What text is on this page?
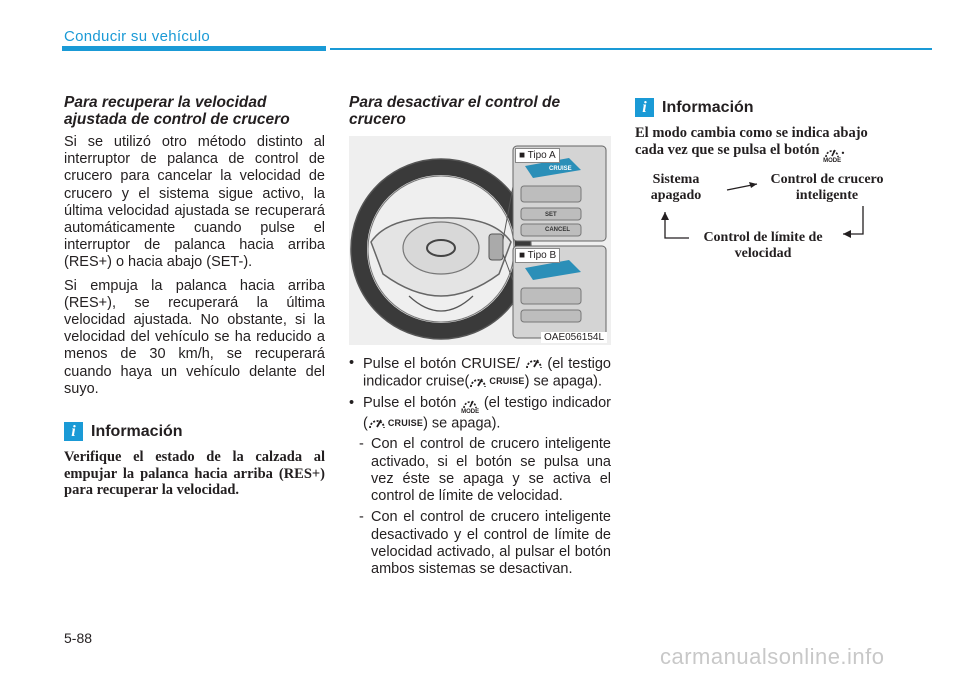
Conducir su vehículo
Para recuperar la velocidad ajustada de control de crucero

Si se utilizó otro método distinto al interruptor de palanca de control de crucero para cancelar la velocidad de crucero y el sistema sigue activo, la última velocidad ajustada se recuperará automáticamente cuando pulse el interruptor de palanca hacia arriba (RES+) o hacia abajo (SET-).

Si empuja la palanca hacia arriba (RES+), se recuperará la última velocidad ajustada. No obstante, si la velocidad del vehículo se ha reducido a menos de 30 km/h, se recuperará cuando haya un vehículo delante del suyo.

i Información

Verifique el estado de la calzada al empujar la palanca hacia arriba (RES+) para recuperar la velocidad.

Para desactivar el control de crucero
■ Tipo A
CRUISE
SET
CANCEL
■ Tipo B
OAE056154L
• Pulse el botón CRUISE/  (el testigo indicador cruise( CRUISE ) se apaga).
• Pulse el botón
MODE
(el testigo indicador ( CRUISE ) se apaga).
- Con el control de crucero inteligente activado, si el botón se pulsa una vez éste se apaga y se activa el control de límite de velocidad.
- Con el control de crucero inteligente desactivado y el control de límite de velocidad activado, al pulsar el botón ambos sistemas se desactivan.
i Información

El modo cambia como se indica abajo cada vez que se pulsa el botón
MODE
.

Sistema apagado
Control de crucero inteligente
Control de límite de velocidad
5-88
carmanualsonline.info
